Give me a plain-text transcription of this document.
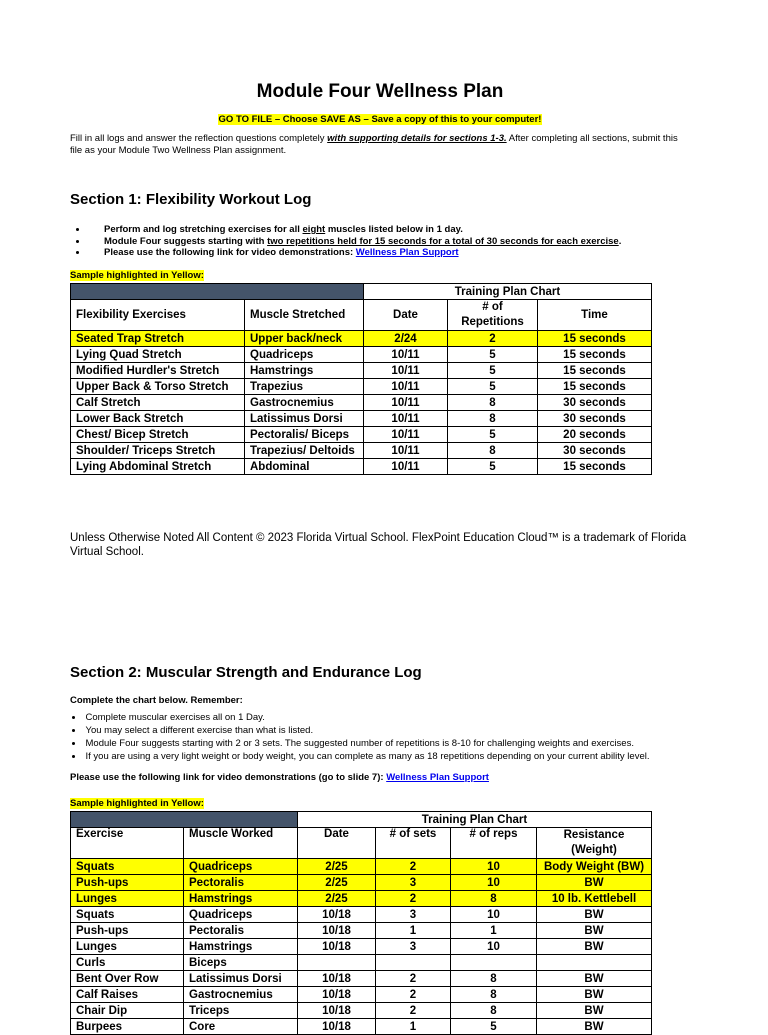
Module Four Wellness Plan
GO TO FILE – Choose SAVE AS – Save a copy of this to your computer!

Fill in all logs and answer the reflection questions completely with supporting details for sections 1-3. After completing all sections, submit this file as your Module Two Wellness Plan assignment.

Section 1: Flexibility Workout Log
• Perform and log stretching exercises for all eight muscles listed below in 1 day.
• Module Four suggests starting with two repetitions held for 15 seconds for a total of 30 seconds for each exercise.
• Please use the following link for video demonstrations: Wellness Plan Support
Sample highlighted in Yellow:
		Training Plan Chart		
Flexibility Exercises	Muscle Stretched	Date	# of Repetitions	Time
Seated Trap Stretch	Upper back/neck	2/24	2	15 seconds
Lying Quad Stretch	Quadriceps	10/11	5	15 seconds
Modified Hurdler's Stretch	Hamstrings	10/11	5	15 seconds
Upper Back & Torso Stretch	Trapezius	10/11	5	15 seconds
Calf Stretch	Gastrocnemius	10/11	8	30 seconds
Lower Back Stretch	Latissimus Dorsi	10/11	8	30 seconds
Chest/ Bicep Stretch	Pectoralis/ Biceps	10/11	5	20 seconds
Shoulder/ Triceps Stretch	Trapezius/ Deltoids	10/11	8	30 seconds
Lying Abdominal Stretch	Abdominal	10/11	5	15 seconds

Unless Otherwise Noted All Content © 2023 Florida Virtual School. FlexPoint Education Cloud™ is a trademark of Florida Virtual School.

Section 2: Muscular Strength and Endurance Log

Complete the chart below. Remember:

• Complete muscular exercises all on 1 Day.
• You may select a different exercise than what is listed.
• Module Four suggests starting with 2 or 3 sets. The suggested number of repetitions is 8-10 for challenging weights and exercises.
• If you are using a very light weight or body weight, you can complete as many as 18 repetitions depending on your current ability level.

Please use the following link for video demonstrations (go to slide 7): Wellness Plan Support

Sample highlighted in Yellow:
		Training Plan Chart			
Exercise	Muscle Worked	Date	# of sets	# of reps	Resistance (Weight)
Squats	Quadriceps	2/25	2	10	Body Weight (BW)
Push-ups	Pectoralis	2/25	3	10	BW
Lunges	Hamstrings	2/25	2	8	10 lb. Kettlebell
Squats	Quadriceps	10/18	3	10	BW
Push-ups	Pectoralis	10/18	1	1	BW
Lunges	Hamstrings	10/18	3	10	BW
Curls	Biceps				
Bent Over Row	Latissimus Dorsi	10/18	2	8	BW
Calf Raises	Gastrocnemius	10/18	2	8	BW
Chair Dip	Triceps	10/18	2	8	BW
Burpees	Core	10/18	1	5	BW
